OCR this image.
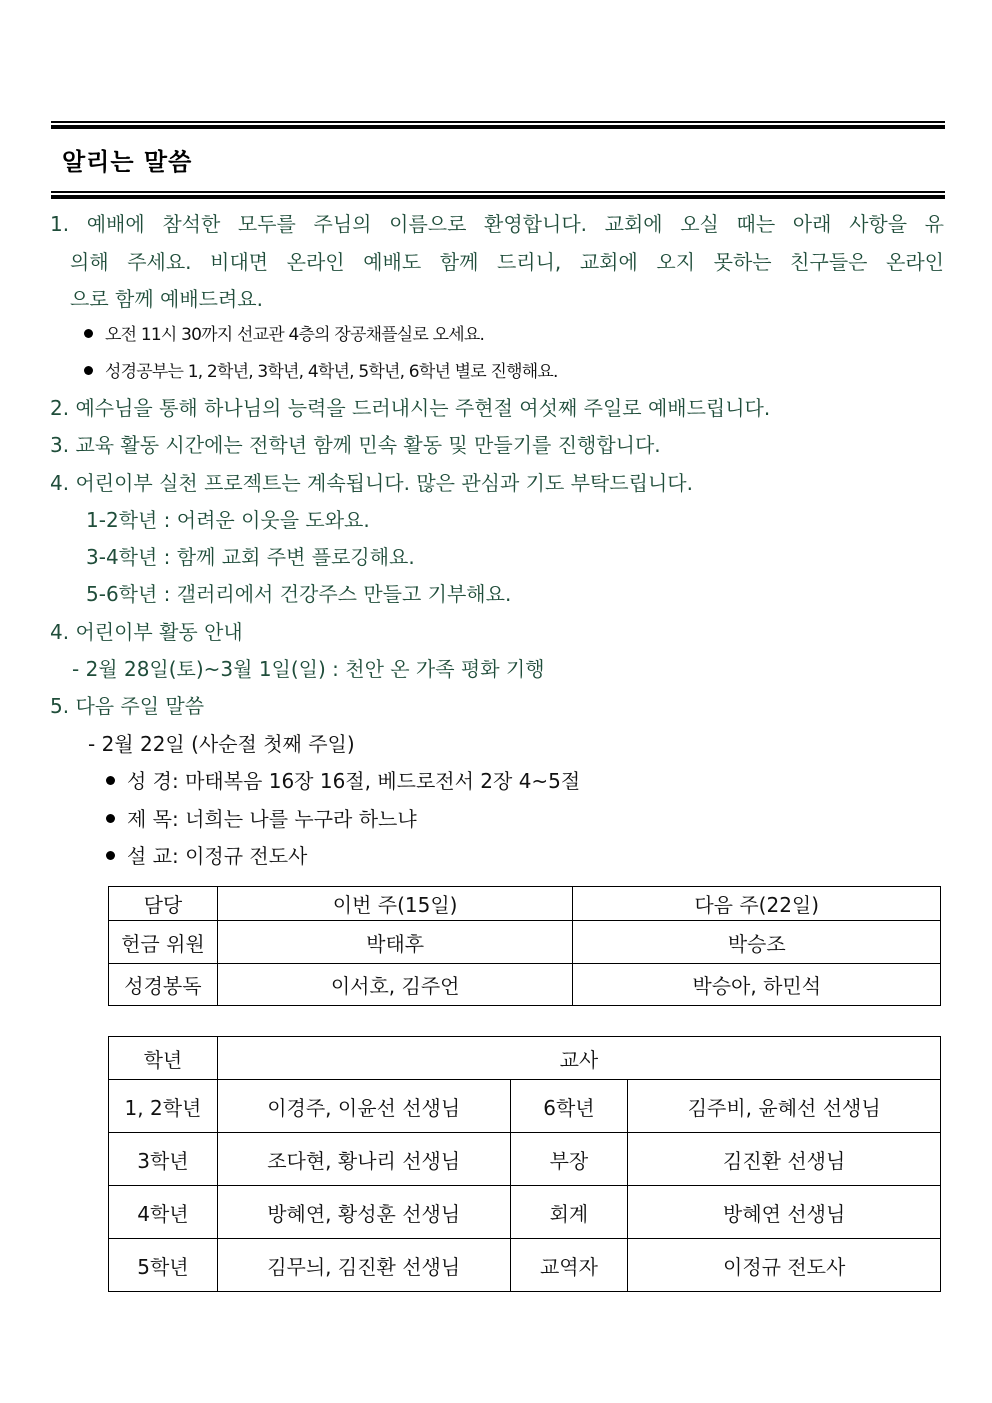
알리는 말씀
1. 예배에 참석한 모두를 주님의 이름으로 환영합니다. 교회에 오실 때는 아래 사항을 유
의해 주세요. 비대면 온라인 예배도 함께 드리니, 교회에 오지 못하는 친구들은 온라인
으로 함께 예배드려요.
오전 11시 30까지 선교관 4층의 장공채플실로 오세요.
성경공부는 1, 2학년, 3학년, 4학년, 5학년, 6학년 별로 진행해요.
2. 예수님을 통해 하나님의 능력을 드러내시는 주현절 여섯째 주일로 예배드립니다.
3. 교육 활동 시간에는 전학년 함께 민속 활동 및 만들기를 진행합니다.
4. 어린이부 실천 프로젝트는 계속됩니다. 많은 관심과 기도 부탁드립니다.
1-2학년 : 어려운 이웃을 도와요.
3-4학년 : 함께 교회 주변 플로깅해요.
5-6학년 : 갤러리에서 건강주스 만들고 기부해요.
4. 어린이부 활동 안내
- 2월 28일(토)~3월 1일(일) : 천안 온 가족 평화 기행
5. 다음 주일 말씀
- 2월 22일 (사순절 첫째 주일)
성 경: 마태복음 16장 16절, 베드로전서 2장 4~5절
제 목: 너희는 나를 누구라 하느냐
설 교: 이정규 전도사
담당	이번 주(15일)	다음 주(22일)
헌금 위원	박태후	박승조
성경봉독	이서호, 김주언	박승아, 하민석
학년	교사		
1, 2학년	이경주, 이윤선 선생님	6학년	김주비, 윤혜선 선생님
3학년	조다현, 황나리 선생님	부장	김진환 선생님
4학년	방혜연, 황성훈 선생님	회계	방혜연 선생님
5학년	김무늬, 김진환 선생님	교역자	이정규 전도사
